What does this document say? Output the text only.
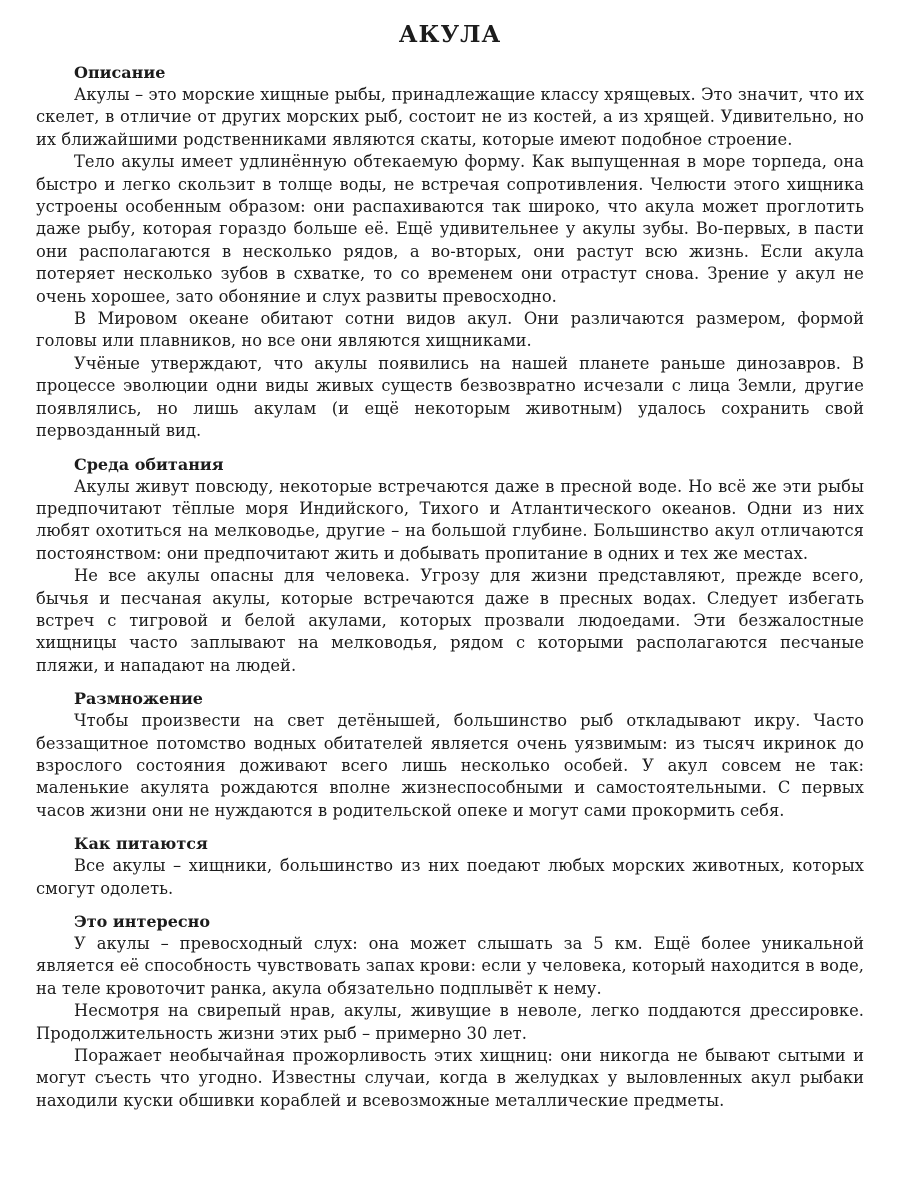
АКУЛА
Описание

Акулы – это морские хищные рыбы, принадлежащие классу хрящевых. Это значит, что их скелет, в отличие от других морских рыб, состоит не из костей, а из хрящей. Удивительно, но их ближайшими родственниками являются скаты, которые имеют подобное строение.

Тело акулы имеет удлинённую обтекаемую форму. Как выпущенная в море торпеда, она быстро и легко скользит в толще воды, не встречая сопротивления. Челюсти этого хищника устроены особенным образом: они распахиваются так широко, что акула может проглотить даже рыбу, которая гораздо больше её. Ещё удивительнее у акулы зубы. Во-первых, в пасти они располагаются в несколько рядов, а во-вторых, они растут всю жизнь. Если акула потеряет несколько зубов в схватке, то со временем они отрастут снова. Зрение у акул не очень хорошее, зато обоняние и слух развиты превосходно.

В Мировом океане обитают сотни видов акул. Они различаются размером, формой головы или плавников, но все они являются хищниками.

Учёные утверждают, что акулы появились на нашей планете раньше динозавров. В процессе эволюции одни виды живых существ безвозвратно исчезали с лица Земли, другие появлялись, но лишь акулам (и ещё некоторым животным) удалось сохранить свой первозданный вид.

Среда обитания

Акулы живут повсюду, некоторые встречаются даже в пресной воде. Но всё же эти рыбы предпочитают тёплые моря Индийского, Тихого и Атлантического океанов. Одни из них любят охотиться на мелководье, другие – на большой глубине. Большинство акул отличаются постоянством: они предпочитают жить и добывать пропитание в одних и тех же местах.

Не все акулы опасны для человека. Угрозу для жизни представляют, прежде всего, бычья и песчаная акулы, которые встречаются даже в пресных водах. Следует избегать встреч с тигровой и белой акулами, которых прозвали людоедами. Эти безжалостные хищницы часто заплывают на мелководья, рядом с которыми располагаются песчаные пляжи, и нападают на людей.

Размножение

Чтобы произвести на свет детёнышей, большинство рыб откладывают икру. Часто беззащитное потомство водных обитателей является очень уязвимым: из тысяч икринок до взрослого состояния доживают всего лишь несколько особей. У акул совсем не так: маленькие акулята рождаются вполне жизнеспособными и самостоятельными. С первых часов жизни они не нуждаются в родительской опеке и могут сами прокормить себя.

Как питаются

Все акулы – хищники, большинство из них поедают любых морских животных, которых смогут одолеть.

Это интересно

У акулы – превосходный слух: она может слышать за 5 км. Ещё более уникальной является её способность чувствовать запах крови: если у человека, который находится в воде, на теле кровоточит ранка, акула обязательно подплывёт к нему.

Несмотря на свирепый нрав, акулы, живущие в неволе, легко поддаются дрессировке. Продолжительность жизни этих рыб – примерно 30 лет.

Поражает необычайная прожорливость этих хищниц: они никогда не бывают сытыми и могут съесть что угодно. Известны случаи, когда в желудках у выловленных акул рыбаки находили куски обшивки кораблей и всевозможные металлические предметы.
